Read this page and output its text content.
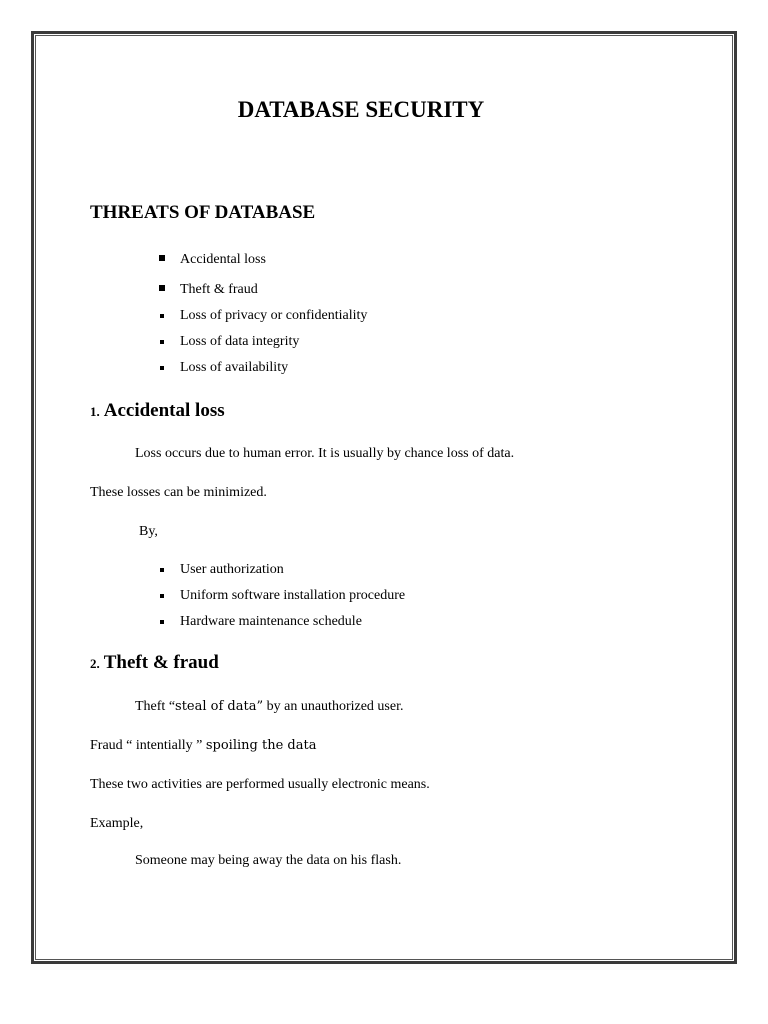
DATABASE SECURITY
THREATS OF DATABASE
Accidental loss
Theft & fraud
Loss of privacy or confidentiality
Loss of data integrity
Loss of availability
1. Accidental loss
Loss occurs due to human error. It is usually by chance loss of data.
These losses can be minimized.
By,
User authorization
Uniform software installation procedure
Hardware maintenance schedule
2. Theft & fraud
Theft “steal of data” by an unauthorized user.
Fraud “ intentially ” spoiling the data
These two activities are performed usually electronic means.
Example,
Someone may being away the data on his flash.
